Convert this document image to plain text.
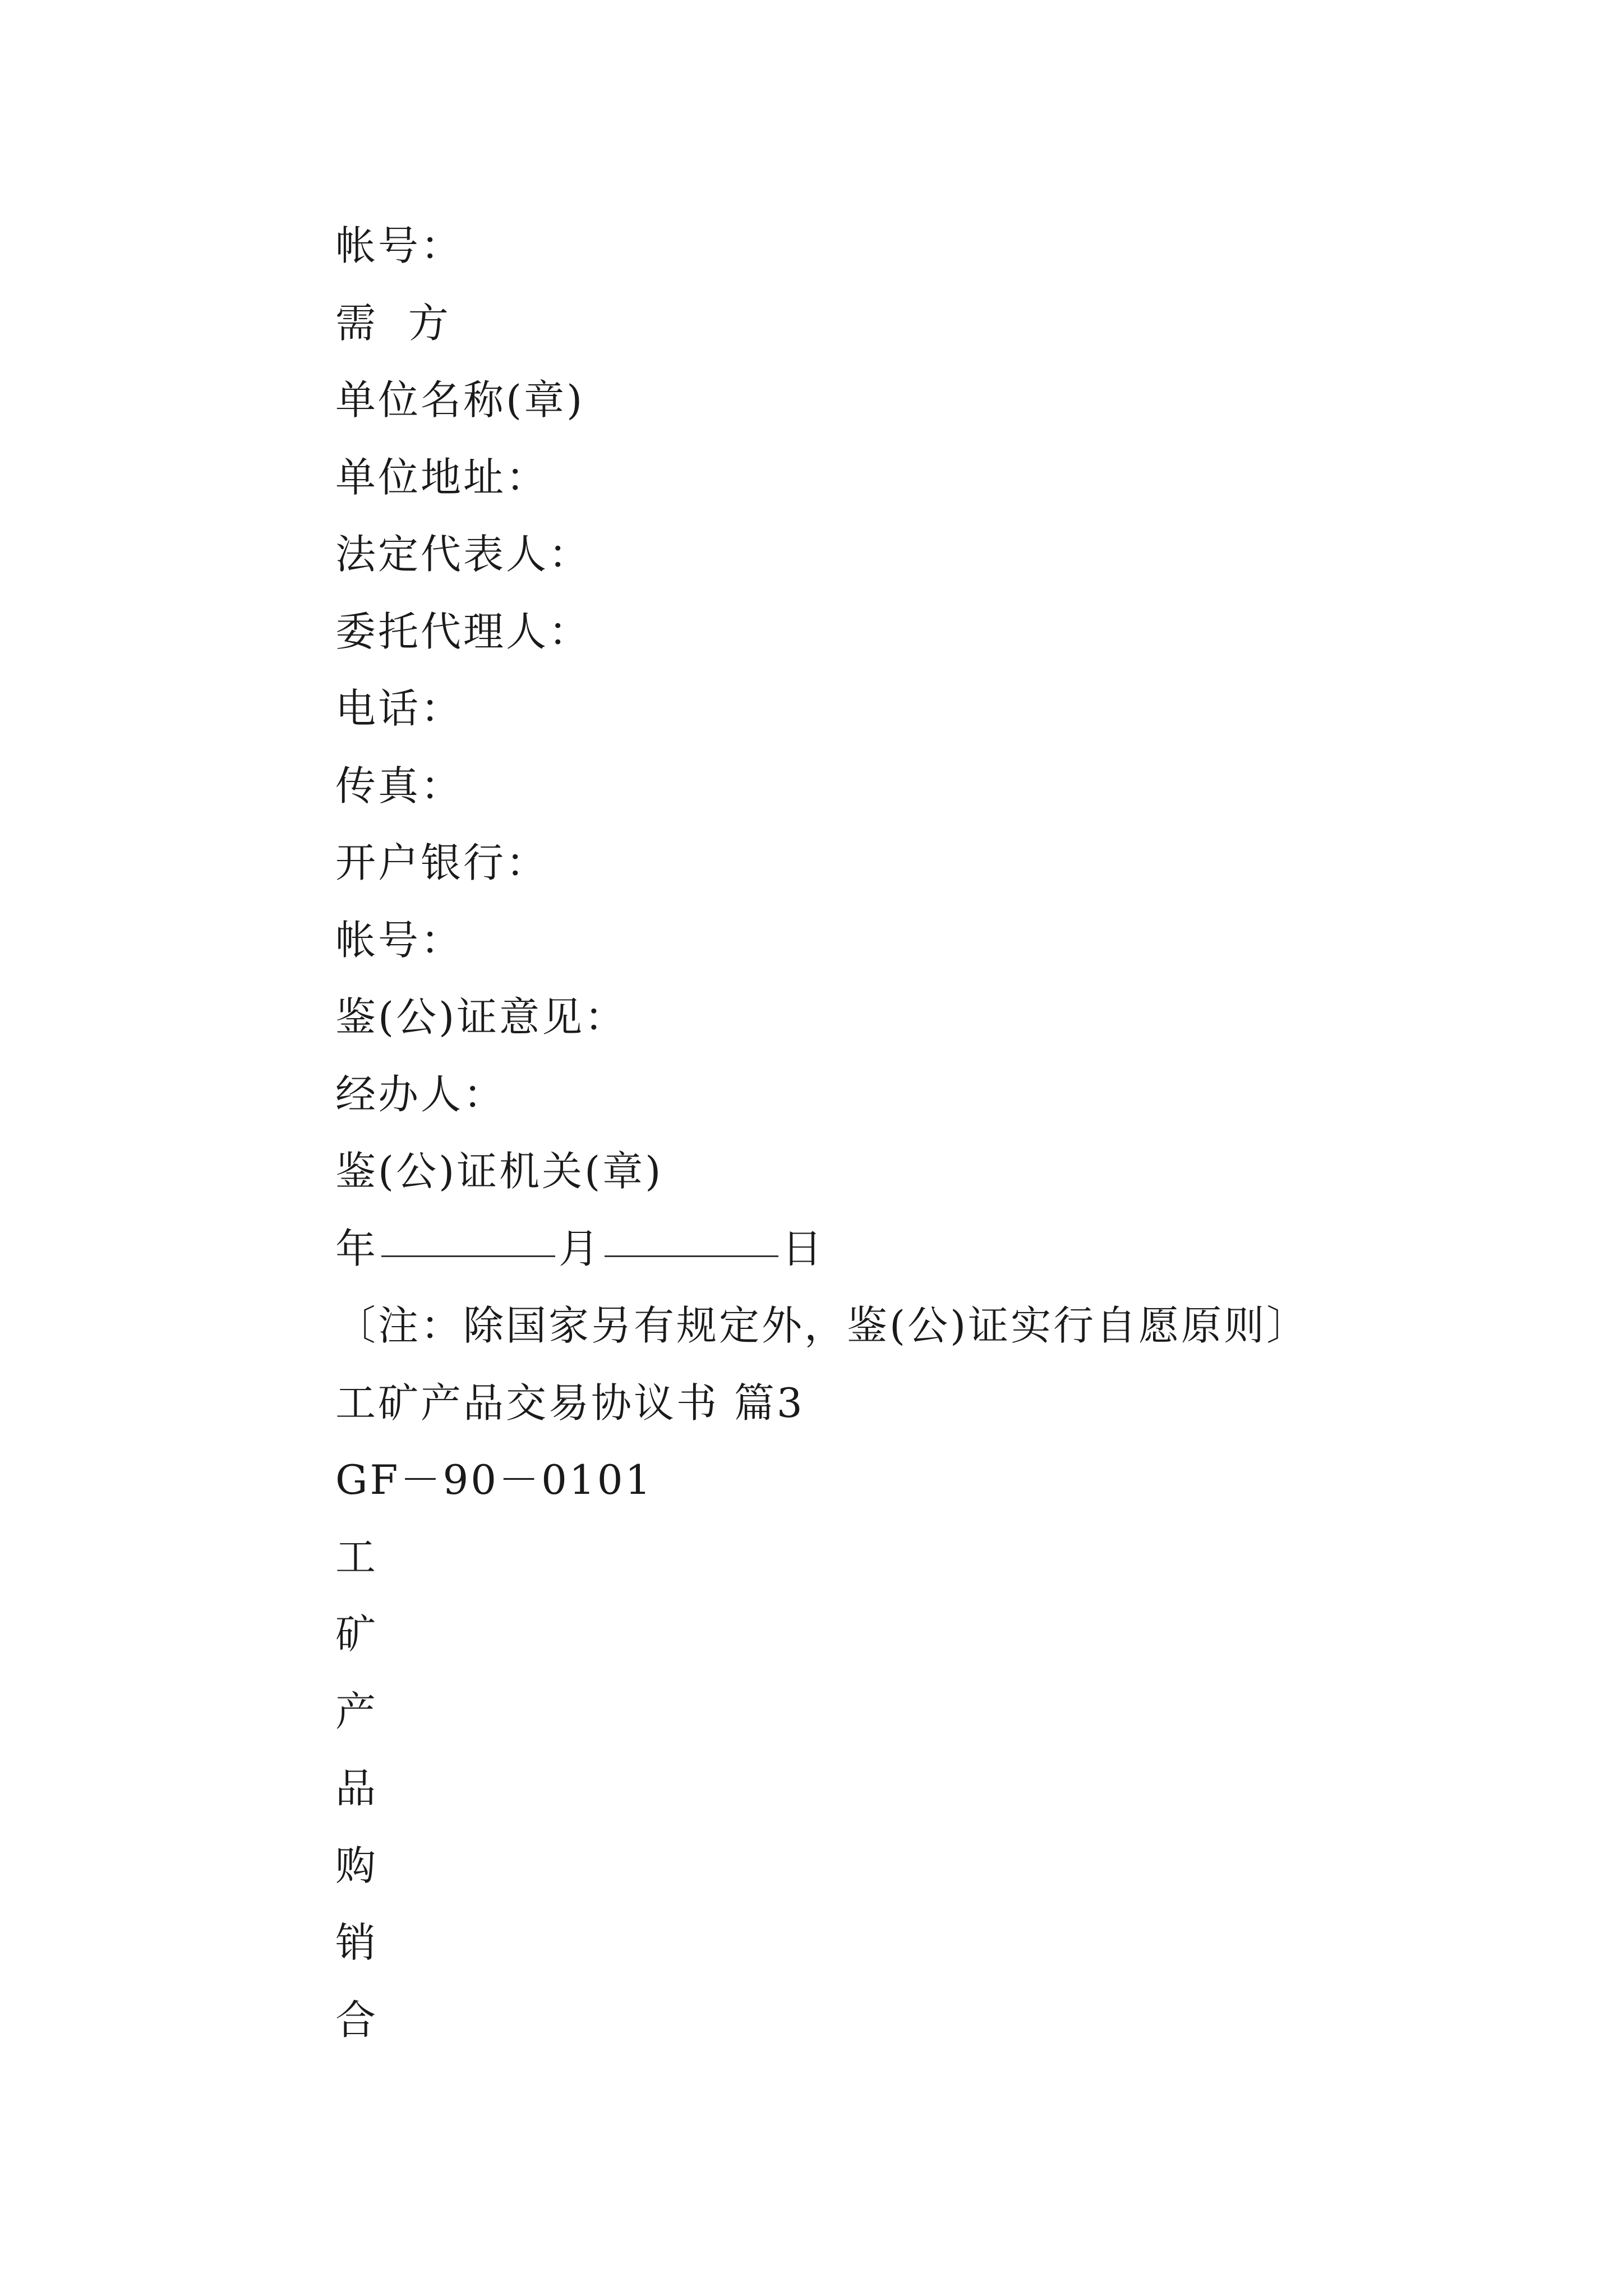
帐号：
需  方
单位名称(章)
单位地址：
法定代表人：
委托代理人：
电话：
传真：
开户银行：
帐号：
鉴(公)证意见：
经办人：
鉴(公)证机关(章)
年	月	日
〔注：除国家另有规定外，鉴(公)证实行自愿原则〕
工矿产品交易协议书 篇3
GF－90－0101
工
矿
产
品
购
销
合
